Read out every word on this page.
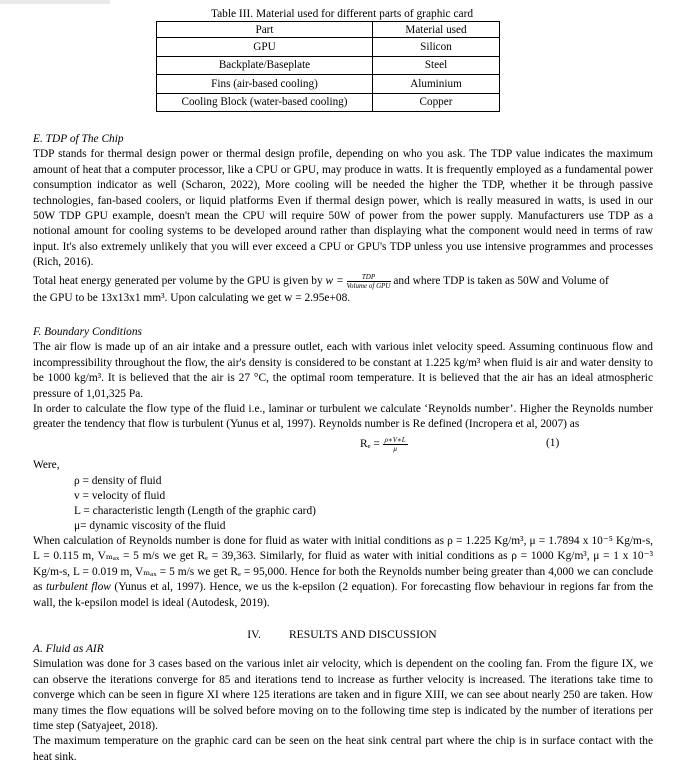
Table III. Material used for different parts of graphic card
Part	Material used
GPU	Silicon
Backplate/Baseplate	Steel
Fins (air-based cooling)	Aluminium
Cooling Block (water-based cooling)	Copper

E. TDP of The Chip

TDP stands for thermal design power or thermal design profile, depending on who you ask. The TDP value indicates the maximum amount of heat that a computer processor, like a CPU or GPU, may produce in watts. It is frequently employed as a fundamental power consumption indicator as well (Scharon, 2022), More cooling will be needed the higher the TDP, whether it be through passive technologies, fan-based coolers, or liquid platforms Even if thermal design power, which is really measured in watts, is used in our 50W TDP GPU example, doesn't mean the CPU will require 50W of power from the power supply. Manufacturers use TDP as a notional amount for cooling systems to be developed around rather than displaying what the component would need in terms of raw input. It's also extremely unlikely that you will ever exceed a CPU or GPU's TDP unless you use intensive programmes and processes (Rich, 2016).

Total heat energy generated per volume by the GPU is given by $w = \frac{\text{TDP}}{\text{Volume of GPU}}$ and where TDP is taken as 50W and Volume of

the GPU to be 13x13x1 mm³. Upon calculating we get w = 2.95e+08.

F. Boundary Conditions

The air flow is made up of an air intake and a pressure outlet, each with various inlet velocity speed. Assuming continuous flow and incompressibility throughout the flow, the air's density is considered to be constant at 1.225 kg/m³ when fluid is air and water density to be 1000 kg/m³. It is believed that the air is 27 °C, the optimal room temperature. It is believed that the air has an ideal atmospheric pressure of 1,01,325 Pa.

In order to calculate the flow type of the fluid i.e., laminar or turbulent we calculate ‘Reynolds number’. Higher the Reynolds number greater the tendency that flow is turbulent (Yunus et al, 1997). Reynolds number is Re defined (Incropera et al, 2007) as

$R_e = \frac{\rho∗V∗L}{\mu}$	(1)
Were,
ρ = density of fluid
v = velocity of fluid
L = characteristic length (Length of the graphic card)
μ= dynamic viscosity of the fluid

When calculation of Reynolds number is done for fluid as water with initial conditions as ρ = 1.225 Kg/m³, μ = 1.7894 x 10⁻⁵ Kg/m-s, L = 0.115 m, Vₘₐₓ = 5 m/s we get Rₑ = 39,363. Similarly, for fluid as water with initial conditions as ρ = 1000 Kg/m³, μ = 1 x 10⁻³ Kg/m-s, L = 0.019 m, Vₘₐₓ = 5 m/s we get Rₑ = 95,000. Hence for both the Reynolds number being greater than 4,000 we can conclude as turbulent flow (Yunus et al, 1997). Hence, we us the k-epsilon (2 equation). For forecasting flow behaviour in regions far from the wall, the k-epsilon model is ideal (Autodesk, 2019).

IV. RESULTS AND DISCUSSION

A. Fluid as AIR

Simulation was done for 3 cases based on the various inlet air velocity, which is dependent on the cooling fan. From the figure IX, we can observe the iterations converge for 85 and iterations tend to increase as further velocity is increased. The iterations take time to converge which can be seen in figure XI where 125 iterations are taken and in figure XIII, we can see about nearly 250 are taken. How many times the flow equations will be solved before moving on to the following time step is indicated by the number of iterations per time step (Satyajeet, 2018).

The maximum temperature on the graphic card can be seen on the heat sink central part where the chip is in surface contact with the heat sink.
